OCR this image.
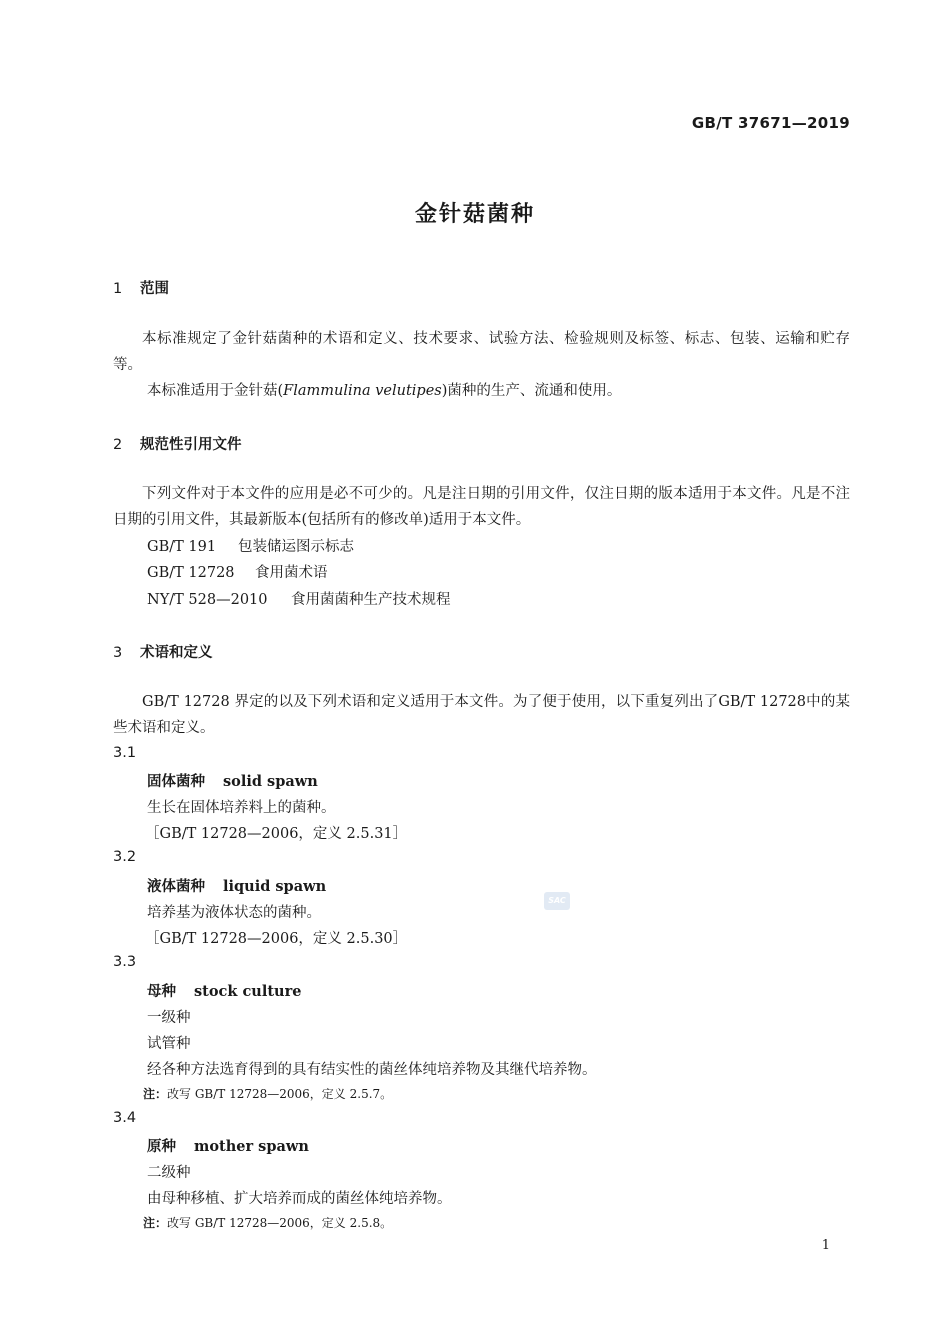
GB/T 37671—2019
金针菇菌种
1 范围
本标准规定了金针菇菌种的术语和定义、技术要求、试验方法、检验规则及标签、标志、包装、运输和贮存等。
本标准适用于金针菇(Flammulina velutipes)菌种的生产、流通和使用。
2 规范性引用文件
下列文件对于本文件的应用是必不可少的。凡是注日期的引用文件，仅注日期的版本适用于本文件。凡是不注日期的引用文件，其最新版本(包括所有的修改单)适用于本文件。
GB/T 191 包装储运图示标志
GB/T 12728 食用菌术语
NY/T 528—2010 食用菌菌种生产技术规程
3 术语和定义
GB/T 12728 界定的以及下列术语和定义适用于本文件。为了便于使用，以下重复列出了GB/T 12728中的某些术语和定义。
3.1
固体菌种 solid spawn
生长在固体培养料上的菌种。
［GB/T 12728—2006，定义 2.5.31］
3.2
液体菌种 liquid spawn
培养基为液体状态的菌种。
［GB/T 12728—2006，定义 2.5.30］
3.3
母种 stock culture
一级种
试管种
经各种方法选育得到的具有结实性的菌丝体纯培养物及其继代培养物。
注：改写 GB/T 12728—2006，定义 2.5.7。
3.4
原种 mother spawn
二级种
由母种移植、扩大培养而成的菌丝体纯培养物。
注：改写 GB/T 12728—2006，定义 2.5.8。
SAC
1
